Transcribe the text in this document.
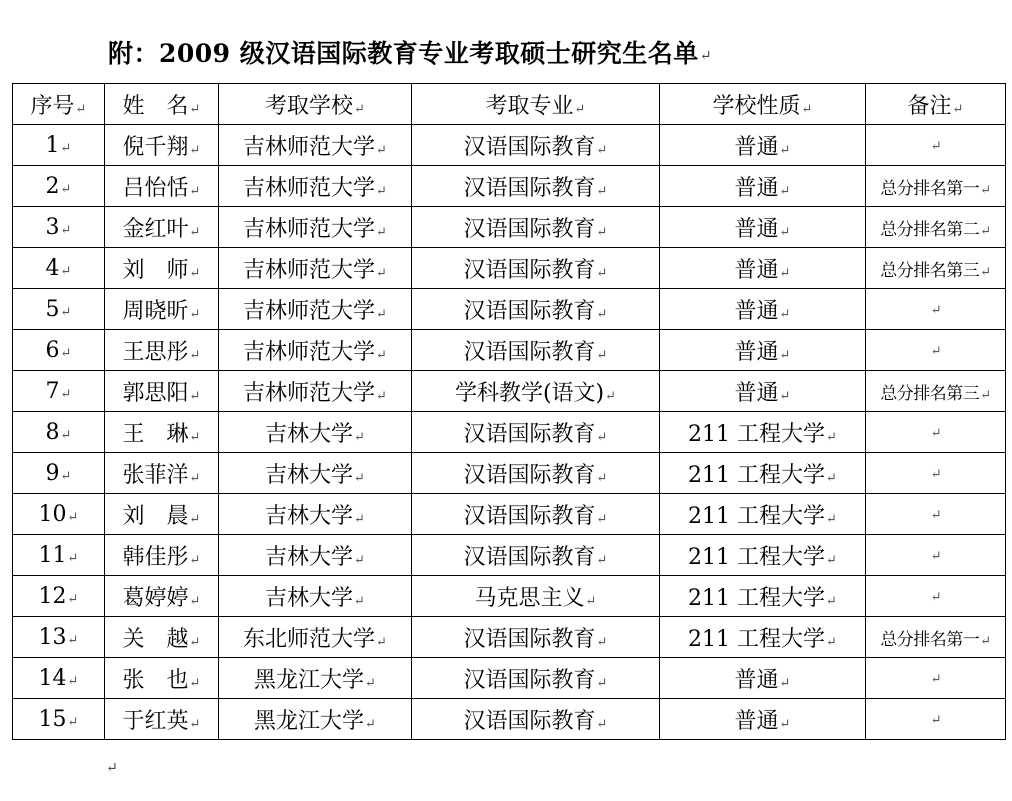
附：2009 级汉语国际教育专业考取硕士研究生名单↵
序号↵	姓　名↵	考取学校↵	考取专业↵	学校性质↵	备注↵
1↵	倪千翔↵	吉林师范大学↵	汉语国际教育↵	普通↵	↵
2↵	吕怡恬↵	吉林师范大学↵	汉语国际教育↵	普通↵	总分排名第一↵
3↵	金红叶↵	吉林师范大学↵	汉语国际教育↵	普通↵	总分排名第二↵
4↵	刘　师↵	吉林师范大学↵	汉语国际教育↵	普通↵	总分排名第三↵
5↵	周晓昕↵	吉林师范大学↵	汉语国际教育↵	普通↵	↵
6↵	王思彤↵	吉林师范大学↵	汉语国际教育↵	普通↵	↵
7↵	郭思阳↵	吉林师范大学↵	学科教学(语文)↵	普通↵	总分排名第三↵
8↵	王　琳↵	吉林大学↵	汉语国际教育↵	211 工程大学↵	↵
9↵	张菲洋↵	吉林大学↵	汉语国际教育↵	211 工程大学↵	↵
10↵	刘　晨↵	吉林大学↵	汉语国际教育↵	211 工程大学↵	↵
11↵	韩佳彤↵	吉林大学↵	汉语国际教育↵	211 工程大学↵	↵
12↵	葛婷婷↵	吉林大学↵	马克思主义↵	211 工程大学↵	↵
13↵	关　越↵	东北师范大学↵	汉语国际教育↵	211 工程大学↵	总分排名第一↵
14↵	张　也↵	黑龙江大学↵	汉语国际教育↵	普通↵	↵
15↵	于红英↵	黑龙江大学↵	汉语国际教育↵	普通↵	↵
↵
